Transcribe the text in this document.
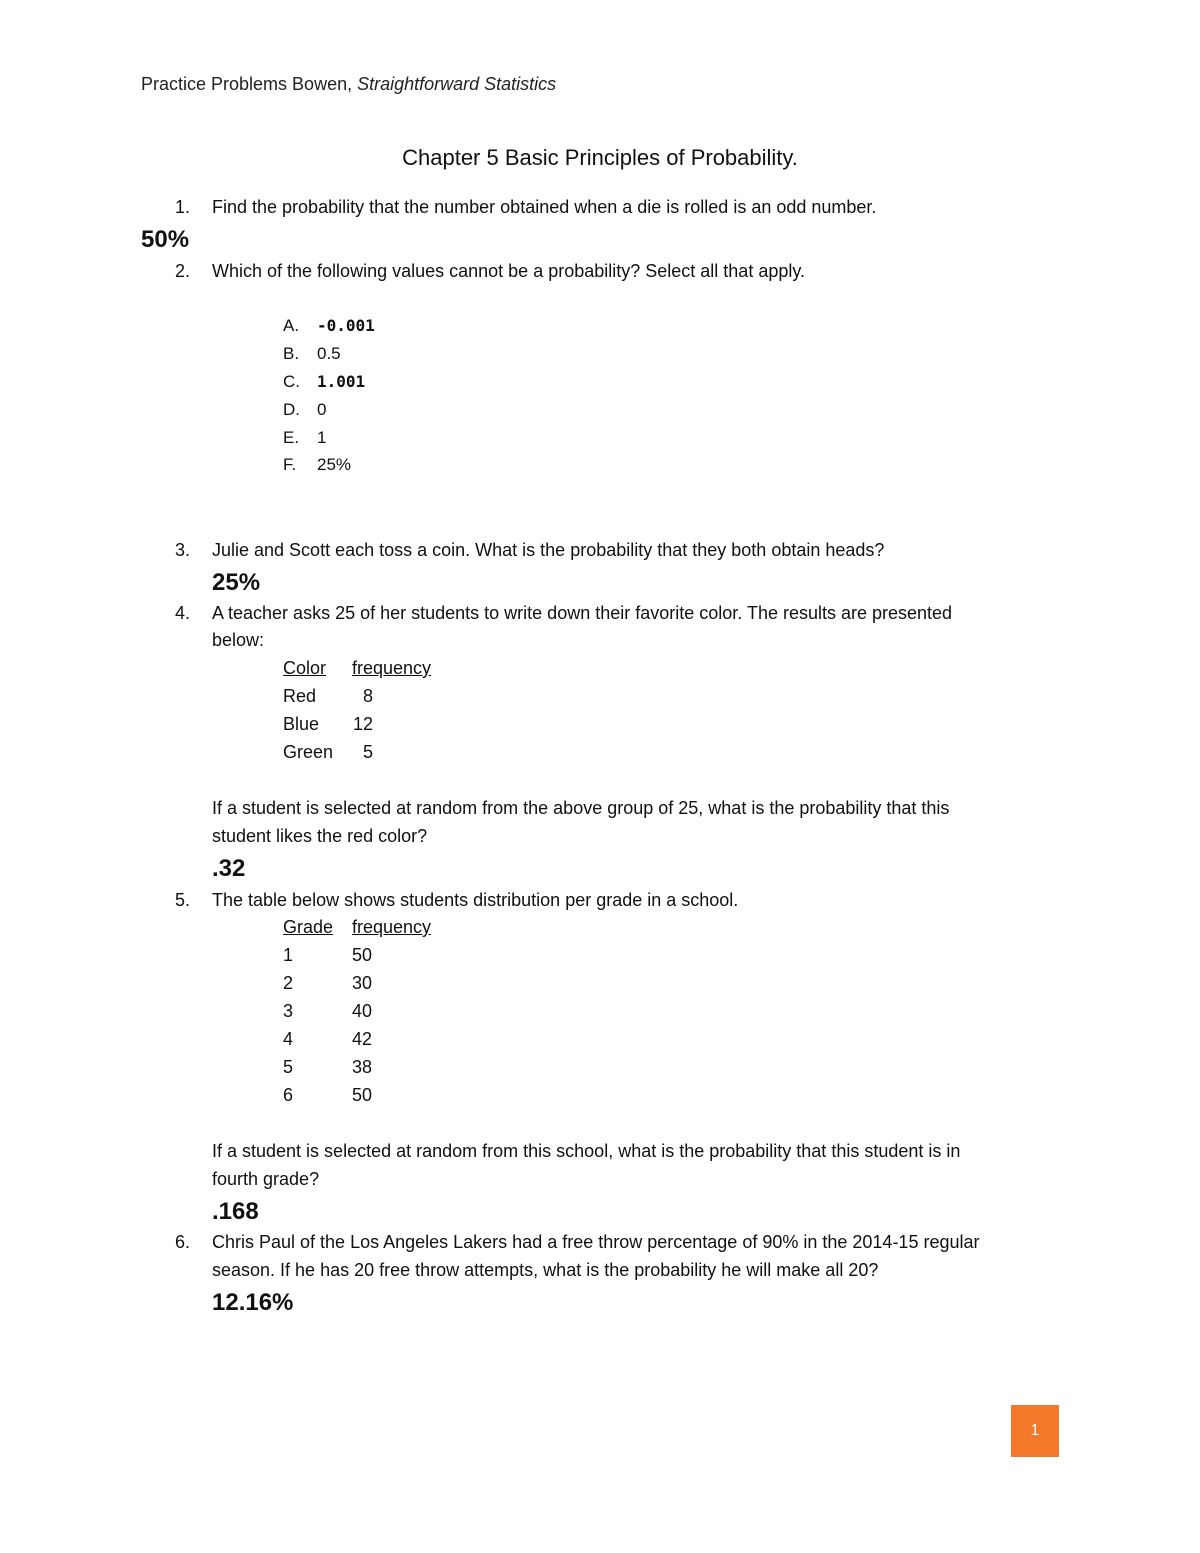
Practice Problems Bowen, Straightforward Statistics
Chapter 5 Basic Principles of Probability.
1. Find the probability that the number obtained when a die is rolled is an odd number.
50%
2. Which of the following values cannot be a probability? Select all that apply.
A. -0.001
B. 0.5
C. 1.001
D. 0
E. 1
F. 25%
3. Julie and Scott each toss a coin. What is the probability that they both obtain heads?
25%
4. A teacher asks 25 of her students to write down their favorite color. The results are presented
below:
Color frequency
Red	8
Blue 12
Green 5
If a student is selected at random from the above group of 25, what is the probability that this
student likes the red color?
.32
5. The table below shows students distribution per grade in a school.
Grade frequency
1	50
2	30
3	40
4	42
5	38
6	50
If a student is selected at random from this school, what is the probability that this student is in
fourth grade?
.168
6. Chris Paul of the Los Angeles Lakers had a free throw percentage of 90% in the 2014-15 regular
season. If he has 20 free throw attempts, what is the probability he will make all 20?
12.16%
1
